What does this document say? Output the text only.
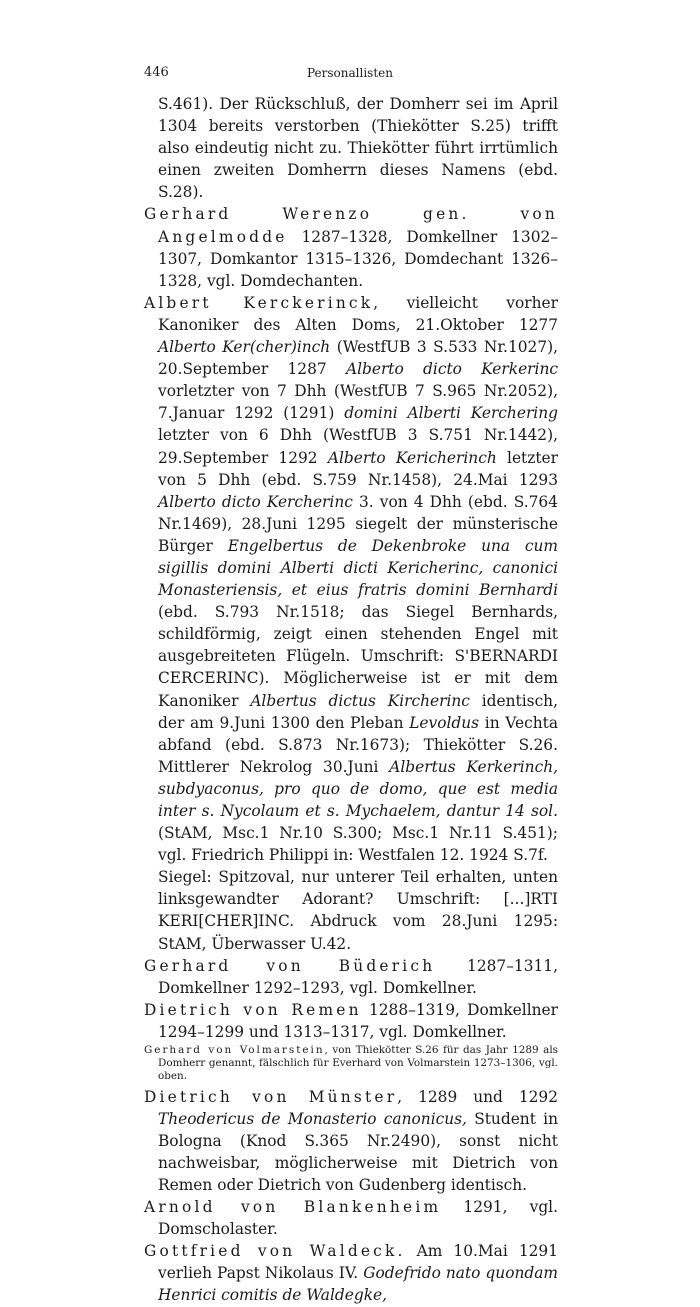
446	Personallisten

S.461). Der Rückschluß, der Domherr sei im April 1304 bereits verstorben (Thiekötter S.25) trifft also eindeutig nicht zu. Thiekötter führt irrtümlich einen zweiten Domherrn dieses Namens (ebd. S.28).

Gerhard Werenzo gen. von Angelmodde 1287–1328, Domkellner 1302–1307, Domkantor 1315–1326, Domdechant 1326–1328, vgl. Domdechanten.

Albert Kerckerinck, vielleicht vorher Kanoniker des Alten Doms, 21.Oktober 1277 Alberto Ker(cher)inch (WestfUB 3 S.533 Nr.1027), 20.September 1287 Alberto dicto Kerkerinc vorletzter von 7 Dhh (WestfUB 7 S.965 Nr.2052), 7.Januar 1292 (1291) domini Alberti Kerchering letzter von 6 Dhh (WestfUB 3 S.751 Nr.1442), 29.September 1292 Alberto Kericherinch letzter von 5 Dhh (ebd. S.759 Nr.1458), 24.Mai 1293 Alberto dicto Kercherinc 3. von 4 Dhh (ebd. S.764 Nr.1469), 28.Juni 1295 siegelt der münsterische Bürger Engelbertus de Dekenbroke una cum sigillis domini Alberti dicti Kericherinc, canonici Monasteriensis, et eius fratris domini Bernhardi (ebd. S.793 Nr.1518; das Siegel Bernhards, schildförmig, zeigt einen stehenden Engel mit ausgebreiteten Flügeln. Umschrift: S'BERNARDI CERCERINC). Möglicherweise ist er mit dem Kanoniker Albertus dictus Kircherinc identisch, der am 9.Juni 1300 den Pleban Levoldus in Vechta abfand (ebd. S.873 Nr.1673); Thiekötter S.26. Mittlerer Nekrolog 30.Juni Albertus Kerkerinch, subdyaconus, pro quo de domo, que est media inter s. Nycolaum et s. Mychaelem, dantur 14 sol. (StAM, Msc.1 Nr.10 S.300; Msc.1 Nr.11 S.451); vgl. Friedrich Philippi in: Westfalen 12. 1924 S.7f.

Siegel: Spitzoval, nur unterer Teil erhalten, unten linksgewandter Adorant? Umschrift: [...]RTI KERI[CHER]INC. Abdruck vom 28.Juni 1295: StAM, Überwasser U.42.

Gerhard von Büderich 1287–1311, Domkellner 1292–1293, vgl. Domkellner.

Dietrich von Remen 1288–1319, Domkellner 1294–1299 und 1313–1317, vgl. Domkellner.

Gerhard von Volmarstein, von Thiekötter S.26 für das Jahr 1289 als Domherr genannt, fälschlich für Everhard von Volmarstein 1273–1306, vgl. oben.

Dietrich von Münster, 1289 und 1292 Theodericus de Monasterio canonicus, Student in Bologna (Knod S.365 Nr.2490), sonst nicht nachweisbar, möglicherweise mit Dietrich von Remen oder Dietrich von Gudenberg identisch.

Arnold von Blankenheim 1291, vgl. Domscholaster.

Gottfried von Waldeck. Am 10.Mai 1291 verlieh Papst Nikolaus IV. Godefrido nato quondam Henrici comitis de Waldegke,
